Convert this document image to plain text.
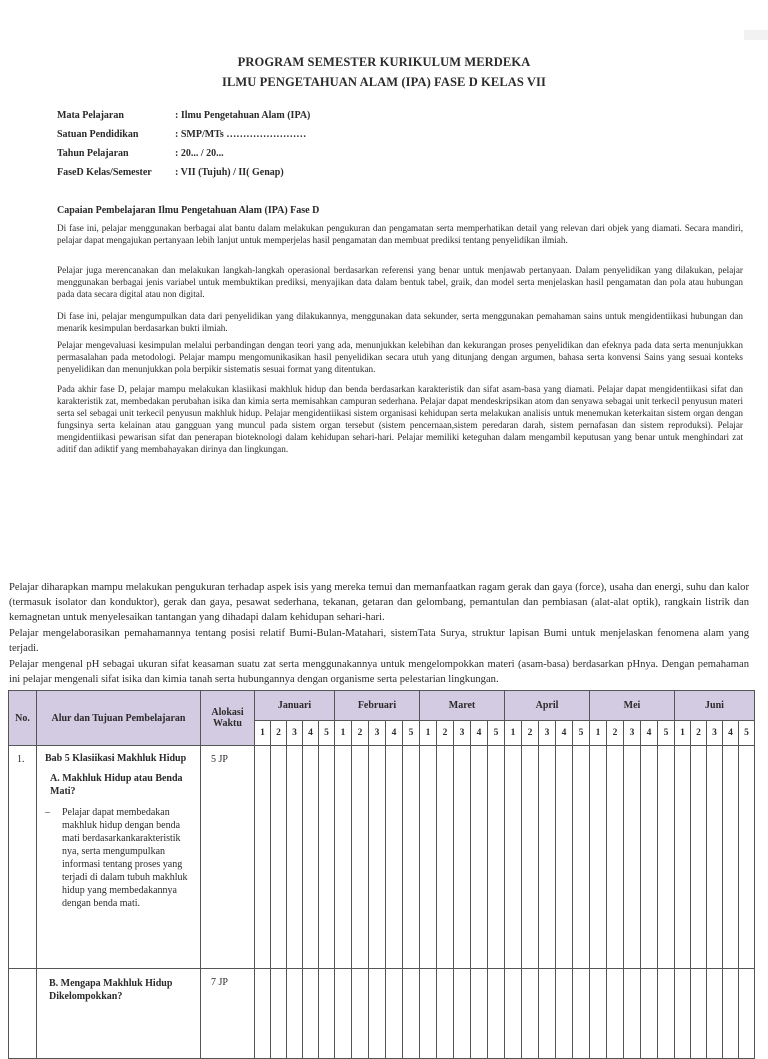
PROGRAM SEMESTER KURIKULUM MERDEKA
ILMU PENGETAHUAN ALAM (IPA) FASE D KELAS VII
Mata Pelajaran	: Ilmu Pengetahuan Alam (IPA)
Satuan Pendidikan	: SMP/MTs ……………………
Tahun Pelajaran	: 20... / 20...
FaseD Kelas/Semester	: VII (Tujuh) / II( Genap)
Capaian Pembelajaran Ilmu Pengetahuan Alam (IPA) Fase D
Di fase ini, pelajar menggunakan berbagai alat bantu dalam melakukan pengukuran dan pengamatan serta memperhatikan detail yang relevan dari objek yang diamati. Secara mandiri, pelajar dapat mengajukan pertanyaan lebih lanjut untuk memperjelas hasil pengamatan dan membuat prediksi tentang penyelidikan ilmiah.
Pelajar juga merencanakan dan melakukan langkah-langkah operasional berdasarkan referensi yang benar untuk menjawab pertanyaan. Dalam penyelidikan yang dilakukan, pelajar menggunakan berbagai jenis variabel untuk membuktikan prediksi, menyajikan data dalam bentuk tabel, graik, dan model serta menjelaskan hasil pengamatan dan pola atau hubungan pada data secara digital atau non digital.
Di fase ini, pelajar mengumpulkan data dari penyelidikan yang dilakukannya, menggunakan data sekunder, serta menggunakan pemahaman sains untuk mengidentiikasi hubungan dan menarik kesimpulan berdasarkan bukti ilmiah.
Pelajar mengevaluasi kesimpulan melalui perbandingan dengan teori yang ada, menunjukkan kelebihan dan kekurangan proses penyelidikan dan efeknya pada data serta menunjukkan permasalahan pada metodologi. Pelajar mampu mengomunikasikan hasil penyelidikan secara utuh yang ditunjang dengan argumen, bahasa serta konvensi Sains yang sesuai konteks penyelidikan dan menunjukkan pola berpikir sistematis sesuai format yang ditentukan.
Pada akhir fase D, pelajar mampu melakukan klasiikasi makhluk hidup dan benda berdasarkan karakteristik dan sifat asam-basa yang diamati. Pelajar dapat mengidentiikasi sifat dan karakteristik zat, membedakan perubahan isika dan kimia serta memisahkan campuran sederhana. Pelajar dapat mendeskripsikan atom dan senyawa sebagai unit terkecil penyusun materi serta sel sebagai unit terkecil penyusun makhluk hidup. Pelajar mengidentiikasi sistem organisasi kehidupan serta melakukan analisis untuk menemukan keterkaitan sistem organ dengan fungsinya serta kelainan atau gangguan yang muncul pada sistem organ tersebut (sistem pencernaan,sistem peredaran darah, sistem pernafasan dan sistem reproduksi). Pelajar mengidentiikasi pewarisan sifat dan penerapan bioteknologi dalam kehidupan sehari-hari. Pelajar memiliki keteguhan dalam mengambil keputusan yang benar untuk menghindari zat aditif dan adiktif yang membahayakan dirinya dan lingkungan.
Pelajar diharapkan mampu melakukan pengukuran terhadap aspek isis yang mereka temui dan memanfaatkan ragam gerak dan gaya (force), usaha dan energi, suhu dan kalor (termasuk isolator dan konduktor), gerak dan gaya, pesawat sederhana, tekanan, getaran dan gelombang, pemantulan dan pembiasan (alat-alat optik), rangkain listrik dan kemagnetan untuk menyelesaikan tantangan yang dihadapi dalam kehidupan sehari-hari.
Pelajar mengelaborasikan pemahamannya tentang posisi relatif Bumi-Bulan-Matahari, sistemTata Surya, struktur lapisan Bumi untuk menjelaskan fenomena alam yang terjadi.
Pelajar mengenal pH sebagai ukuran sifat keasaman suatu zat serta menggunakannya untuk mengelompokkan materi (asam-basa) berdasarkan pHnya. Dengan pemahaman ini pelajar mengenali sifat isika dan kimia tanah serta hubungannya dengan organisme serta pelestarian lingkungan.
No.	Alur dan Tujuan Pembelajaran	Alokasi Waktu	Januari					Februari					Maret					April					Mei					Juni				
			1	2	3	4	5	1	2	3	4	5	1	2	3	4	5	1	2	3	4	5	1	2	3	4	5	1	2	3	4	5
1.	Bab 5 Klasiikasi Makhluk Hidup
A. Makhluk Hidup atau Benda Mati?
– Pelajar dapat membedakan makhluk hidup dengan benda mati berdasarkankarakteristik nya, serta mengumpulkan informasi tentang proses yang terjadi di dalam tubuh makhluk hidup yang membedakannya dengan benda mati.	5 JP																														

	B. Mengapa Makhluk Hidup Dikelompokkan?	7 JP																														
